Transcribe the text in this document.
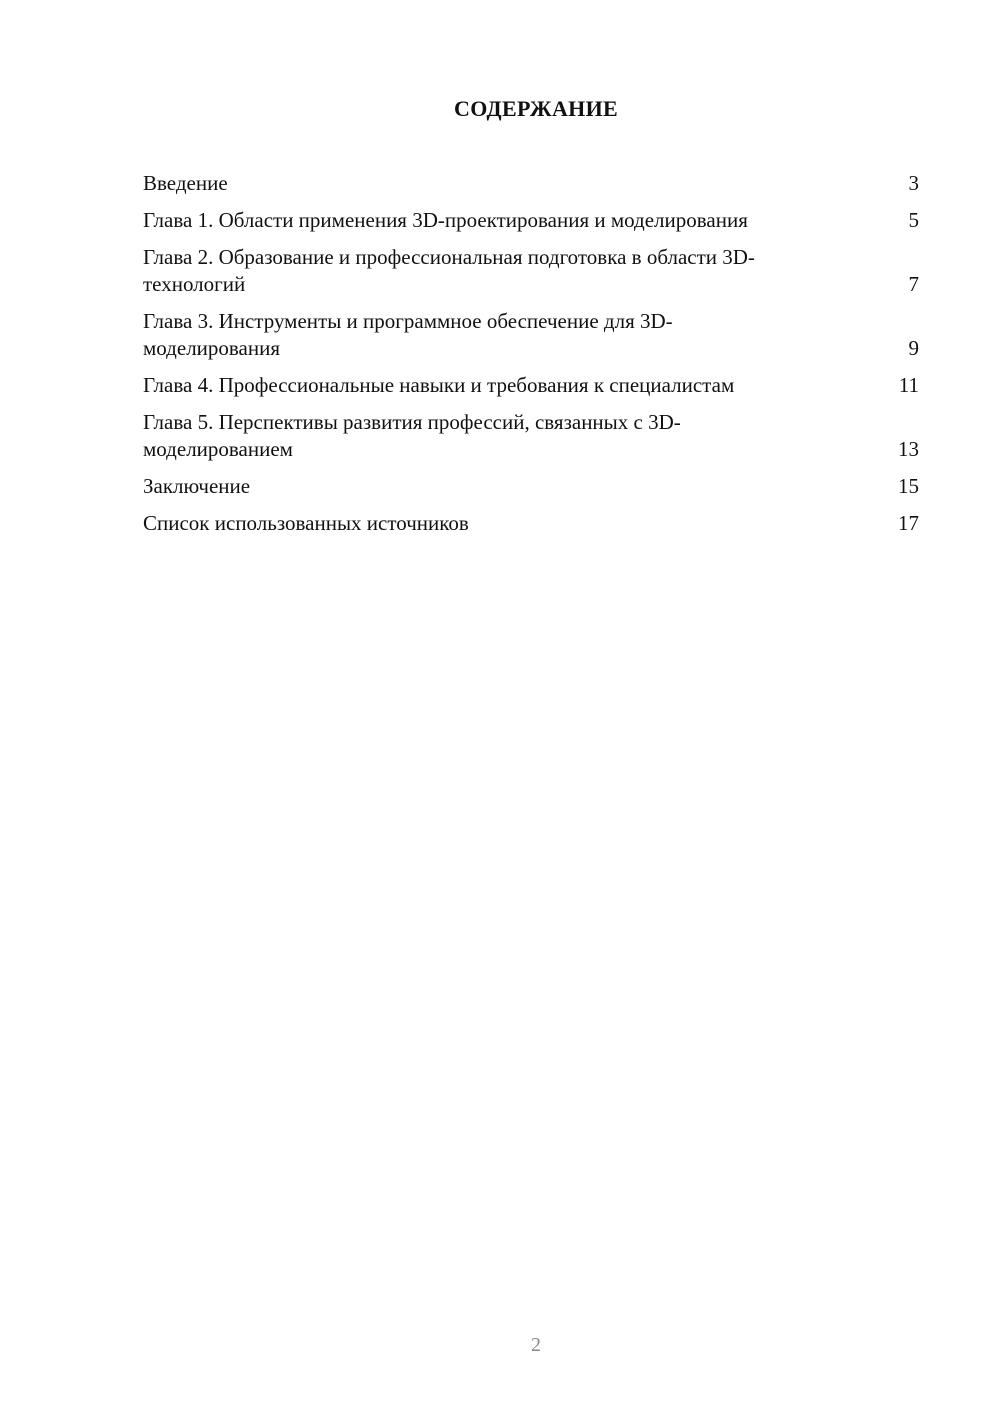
СОДЕРЖАНИЕ
Введение	3
Глава 1. Области применения 3D-проектирования и моделирования	5
Глава 2. Образование и профессиональная подготовка в области 3D-технологий	7
Глава 3. Инструменты и программное обеспечение для 3D-моделирования	9
Глава 4. Профессиональные навыки и требования к специалистам	11
Глава 5. Перспективы развития профессий, связанных с 3D-моделированием	13
Заключение	15
Список использованных источников	17
2
